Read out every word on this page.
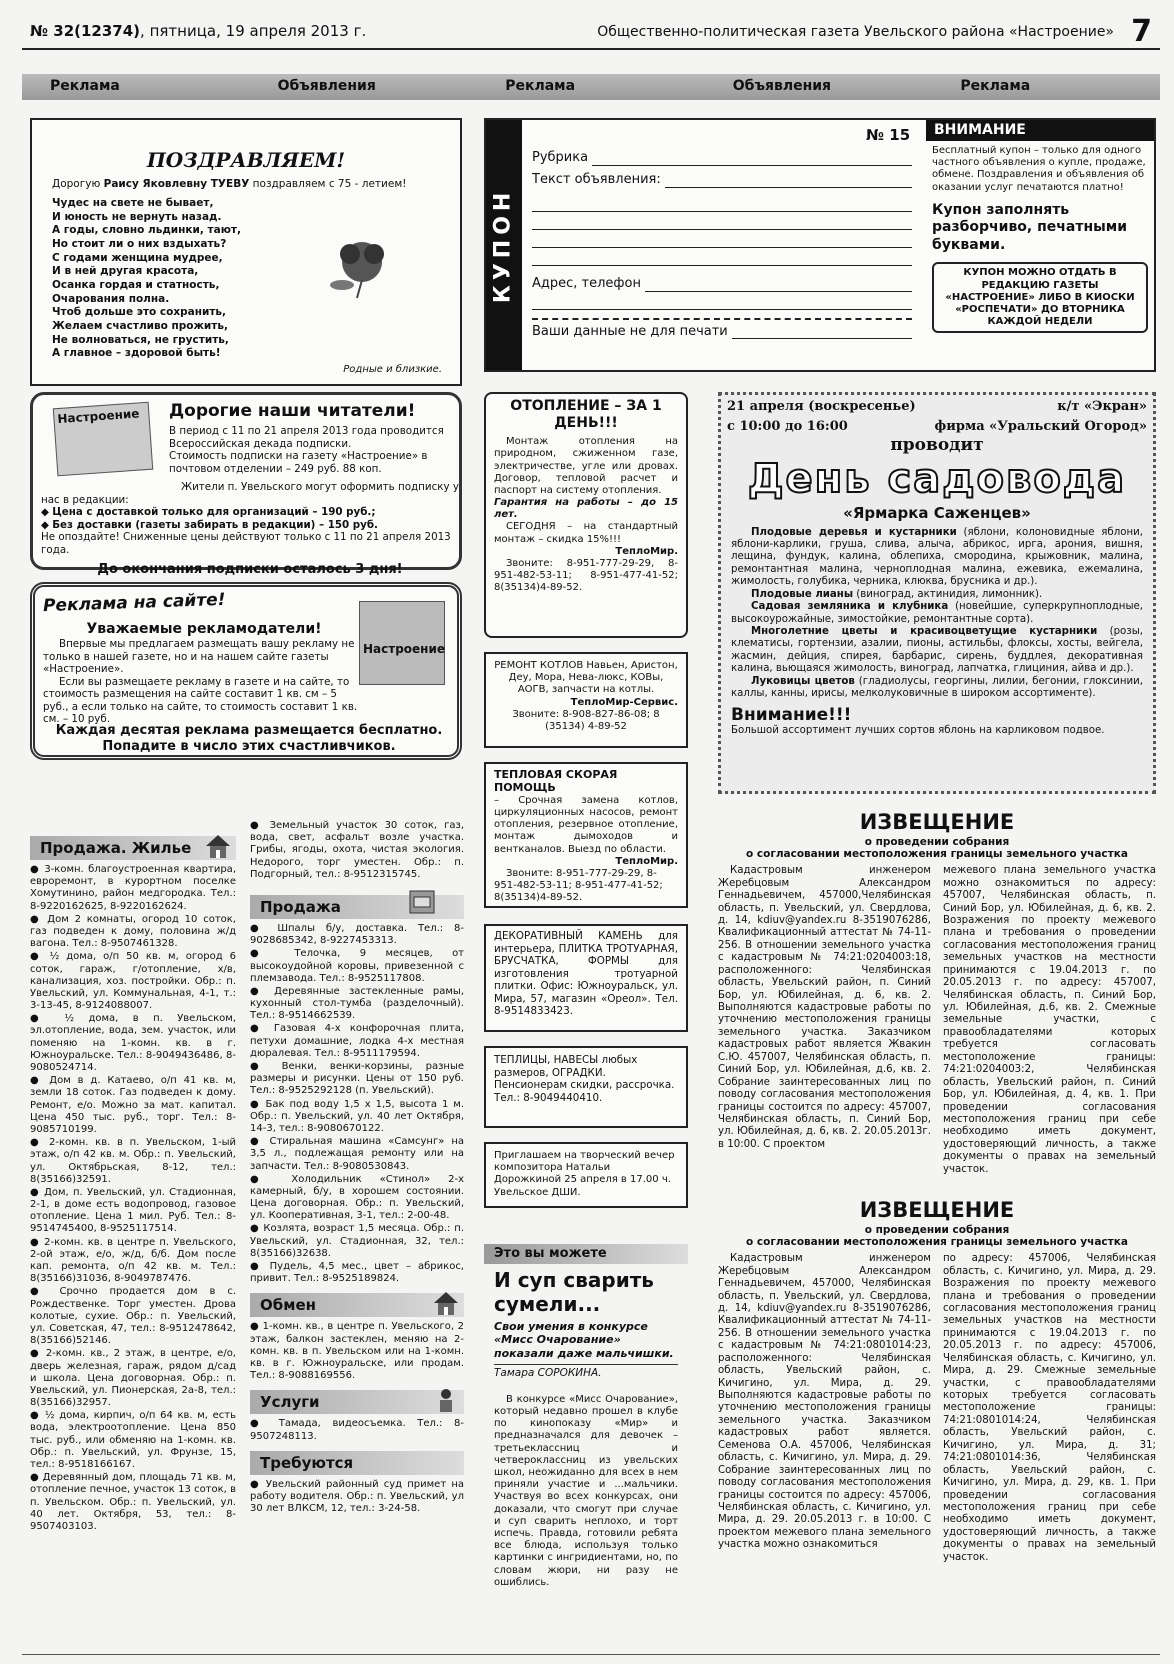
№ 32(12374), пятница, 19 апреля 2013 г.	Общественно-политическая газета Увельского района «Настроение» 7
Реклама	Объявления	Реклама	Объявления	Реклама
ПОЗДРАВЛЯЕМ!
Дорогую Раису Яковлевну ТУЕВУ поздравляем с 75 - летием!
Чудес на свете не бывает,
И юность не вернуть назад.
А годы, словно льдинки, тают,
Но стоит ли о них вздыхать?
С годами женщина мудрее,
И в ней другая красота,
Осанка гордая и статность,
Очарования полна.
Чтоб дольше это сохранить,
Желаем счастливо прожить,
Не волноваться, не грустить,
А главное – здоровой быть!
Родные и близкие.
КУПОН
№ 15
Рубрика
Текст объявления:
Адрес, телефон
Ваши данные не для печати
ВНИМАНИЕ
Бесплатный купон – только для одного частного объявления о купле, продаже, обмене. Поздравления и объявления об оказании услуг печатаются платно!
Купон заполнять разборчиво, печатными буквами.
КУПОН МОЖНО ОТДАТЬ В РЕДАКЦИЮ ГАЗЕТЫ «НАСТРОЕНИЕ» ЛИБО В КИОСКИ «РОСПЕЧАТИ» ДО ВТОРНИКА КАЖДОЙ НЕДЕЛИ
Настроение	Дорогие наши читатели!
В период с 11 по 21 апреля 2013 года проводится Всероссийская декада подписки.
Стоимость подписки на газету «Настроение» в почтовом отделении – 249 руб. 88 коп.
Жители п. Увельского могут оформить подписку у нас в редакции:
◆ Цена с доставкой только для организаций – 190 руб.;
◆ Без доставки (газеты забирать в редакции) – 150 руб.
Не опоздайте! Сниженные цены действуют только с 11 по 21 апреля 2013 года.
До окончания подписки осталось 3 дня!
Реклама на сайте!
Настроение
Уважаемые рекламодатели!
Впервые мы предлагаем размещать вашу рекламу не только в нашей газете, но и на нашем сайте газеты «Настроение».
Если вы размещаете рекламу в газете и на сайте, то стоимость размещения на сайте составит 1 кв. см – 5 руб., а если только на сайте, то стоимость составит 1 кв. см. – 10 руб.
Каждая десятая реклама размещается бесплатно. Попадите в число этих счастливчиков.
ОТОПЛЕНИЕ – ЗА 1 ДЕНЬ!!!
Монтаж отопления на природном, сжиженном газе, электричестве, угле или дровах. Договор, тепловой расчет и паспорт на систему отопления.
Гарантия на работы – до 15 лет.
СЕГОДНЯ – на стандартный монтаж – скидка 15%!!!
ТеплоМир.
Звоните: 8-951-777-29-29, 8-951-482-53-11; 8-951-477-41-52; 8(35134)4-89-52.
РЕМОНТ КОТЛОВ Навьен, Аристон, Деу, Мора, Нева-люкс, КОВы, АОГВ, запчасти на котлы.
ТеплоМир-Сервис.
Звоните: 8-908-827-86-08; 8 (35134) 4-89-52
ТЕПЛОВАЯ СКОРАЯ ПОМОЩЬ
– Срочная замена котлов, циркуляционных насосов, ремонт отопления, резервное отопление, монтаж дымоходов и вентканалов. Выезд по области.
ТеплоМир.
Звоните: 8-951-777-29-29, 8-951-482-53-11; 8-951-477-41-52; 8(35134)4-89-52.
ДЕКОРАТИВНЫЙ КАМЕНЬ для интерьера, ПЛИТКА ТРОТУАРНАЯ, БРУСЧАТКА, ФОРМЫ для изготовления тротуарной плитки. Офис: Южноуральск, ул. Мира, 57, магазин «Ореол». Тел. 8-9514833423.
ТЕПЛИЦЫ, НАВЕСЫ любых размеров, ОГРАДКИ. Пенсионерам скидки, рассрочка. Тел.: 8-9049440410.
Приглашаем на творческий вечер композитора Натальи Дорожкиной 25 апреля в 17.00 ч. Увельское ДШИ.
Это вы можете
И суп сварить сумели...
Свои умения в конкурсе «Мисс Очарование» показали даже мальчишки.
Тамара СОРОКИНА.
В конкурсе «Мисс Очарование», который недавно прошел в клубе по кинопоказу «Мир» и предназначался для девочек – третьеклассниц и четвероклассниц из увельских школ, неожиданно для всех в нем приняли участие и ...мальчики. Участвуя во всех конкурсах, они доказали, что смогут при случае и суп сварить неплохо, и торт испечь. Правда, готовили ребята все блюда, используя только картинки с ингридиентами, но, по словам жюри, ни разу не ошиблись.
21 апреля (воскресенье)	к/т «Экран»
с 10:00 до 16:00	фирма «Уральский Огород»
проводит
День садовода
«Ярмарка Саженцев»
Плодовые деревья и кустарники (яблони, колоновидные яблони, яблони-карлики, груша, слива, алыча, абрикос, ирга, арония, вишня, лещина, фундук, калина, облепиха, смородина, крыжовник, малина, ремонтантная малина, черноплодная малина, ежевика, ежемалина, жимолость, голубика, черника, клюква, брусника и др.).
Плодовые лианы (виноград, актинидия, лимонник).
Садовая земляника и клубника (новейшие, суперкрупноплодные, высокоурожайные, зимостойкие, ремонтантные сорта).
Многолетние цветы и красивоцветущие кустарники (розы, клематисы, гортензии, азалии, пионы, астильбы, флоксы, хосты, вейгела, жасмин, дейция, спирея, барбарис, сирень, буддлея, декоративная калина, вьющаяся жимолость, виноград, лапчатка, глициния, айва и др.).
Луковицы цветов (гладиолусы, георгины, лилии, бегонии, глоксинии, каллы, канны, ирисы, мелколуковичные в широком ассортименте).
Внимание!!!
Большой ассортимент лучших сортов яблонь на карликовом подвое.
ИЗВЕЩЕНИЕ
о проведении собрания
о согласовании местоположения границы земельного участка
Кадастровым инженером Жеребцовым Александром Геннадьевичем, 457000,Челябинская область, п. Увельский, ул. Свердлова, д. 14, kdiuv@yandex.ru 8-3519076286, Квалификационный аттестат № 74-11-256. В отношении земельного участка с кадастровым № 74:21:0204003:18, расположенного: Челябинская область, Увельский район, п. Синий Бор, ул. Юбилейная, д. 6, кв. 2. Выполняются кадастровые работы по уточнению местоположения границы земельного участка. Заказчиком кадастровых работ является Жвакин С.Ю. 457007, Челябинская область, п. Синий Бор, ул. Юбилейная, д.6, кв. 2. Собрание заинтересованных лиц по поводу согласования местоположения границы состоится по адресу: 457007, Челябинская область, п. Синий Бор, ул. Юбилейная, д. 6, кв. 2. 20.05.2013г. в 10:00. С проектом
межевого плана земельного участка можно ознакомиться по адресу: 457007, Челябинская область, п. Синий Бор, ул. Юбилейная, д. 6, кв. 2. Возражения по проекту межевого плана и требования о проведении согласования местоположения границ земельных участков на местности принимаются с 19.04.2013 г. по 20.05.2013 г. по адресу: 457007, Челябинская область, п. Синий Бор, ул. Юбилейная, д.6, кв. 2. Смежные земельные участки, с правообладателями которых требуется согласовать местоположение границы: 74:21:0204003:2, Челябинская область, Увельский район, п. Синий Бор, ул. Юбилейная, д. 4, кв. 1. При проведении согласования местоположения границ при себе необходимо иметь документ, удостоверяющий личность, а также документы о правах на земельный участок.
ИЗВЕЩЕНИЕ
о проведении собрания
о согласовании местоположения границы земельного участка
Кадастровым инженером Жеребцовым Александром Геннадьевичем, 457000, Челябинская область, п. Увельский, ул. Свердлова, д. 14, kdiuv@yandex.ru 8-3519076286, Квалификационный аттестат № 74-11-256. В отношении земельного участка с кадастровым № 74:21:0801014:23, расположенного: Челябинская область, Увельский район, с. Кичигино, ул. Мира, д. 29. Выполняются кадастровые работы по уточнению местоположения границы земельного участка. Заказчиком кадастровых работ является. Семенова О.А. 457006, Челябинская область, с. Кичигино, ул. Мира, д. 29. Собрание заинтересованных лиц по поводу согласования местоположения границы состоится по адресу: 457006, Челябинская область, с. Кичигино, ул. Мира, д. 29. 20.05.2013 г. в 10:00. С проектом межевого плана земельного участка можно ознакомиться
по адресу: 457006, Челябинская область, с. Кичигино, ул. Мира, д. 29. Возражения по проекту межевого плана и требования о проведении согласования местоположения границ земельных участков на местности принимаются с 19.04.2013 г. по 20.05.2013 г. по адресу: 457006, Челябинская область, с. Кичигино, ул. Мира, д. 29. Смежные земельные участки, с правообладателями которых требуется согласовать местоположение границы: 74:21:0801014:24, Челябинская область, Увельский район, с. Кичигино, ул. Мира, д. 31; 74:21:0801014:36, Челябинская область, Увельский район, с. Кичигино, ул. Мира, д. 29, кв. 1. При проведении согласования местоположения границ при себе необходимо иметь документ, удостоверяющий личность, а также документы о правах на земельный участок.
Продажа. Жилье
● 3-комн. благоустроенная квартира, евроремонт, в курортном поселке Хомутинино, район медгородка. Тел.: 8-9220162625, 8-9220162624.
● Дом 2 комнаты, огород 10 соток, газ подведен к дому, половина ж/д вагона. Тел.: 8-9507461328.
● ½ дома, о/п 50 кв. м, огород 6 соток, гараж, г/отопление, х/в, канализация, хоз. постройки. Обр.: п. Увельский, ул. Коммунальная, 4-1, т.: 3-13-45, 8-9124088007.
● ½ дома, в п. Увельском, эл.отопление, вода, зем. участок, или поменяю на 1-комн. кв. в г. Южноуральске. Тел.: 8-9049436486, 8-9080524714.
● Дом в д. Катаево, о/п 41 кв. м, земли 18 соток. Газ подведен к дому. Ремонт, е/о. Можно за мат. капитал. Цена 450 тыс. руб., торг. Тел.: 8-9085710199.
● 2-комн. кв. в п. Увельском, 1-ый этаж, о/п 42 кв. м. Обр.: п. Увельский, ул. Октябрьская, 8-12, тел.: 8(35166)32591.
● Дом, п. Увельский, ул. Стадионная, 2-1, в доме есть водопровод, газовое отопление. Цена 1 мил. Руб. Тел.: 8-9514745400, 8-9525117514.
● 2-комн. кв. в центре п. Увельского, 2-ой этаж, е/о, ж/д, б/б. Дом после кап. ремонта, о/п 42 кв. м. Тел.: 8(35166)31036, 8-9049787476.
● Срочно продается дом в с. Рождественке. Торг уместен. Дрова колотые, сухие. Обр.: п. Увельский, ул. Советская, 47, тел.: 8-9512478642, 8(35166)52146.
● 2-комн. кв., 2 этаж, в центре, е/о, дверь железная, гараж, рядом д/сад и школа. Цена договорная. Обр.: п. Увельский, ул. Пионерская, 2а-8, тел.: 8(35166)32957.
● ½ дома, кирпич, о/п 64 кв. м, есть вода, электроотопление. Цена 850 тыс. руб., или обменяю на 1-комн. кв. Обр.: п. Увельский, ул. Фрунзе, 15, тел.: 8-9518166167.
● Деревянный дом, площадь 71 кв. м, отопление печное, участок 13 соток, в п. Увельском. Обр.: п. Увельский, ул. 40 лет. Октября, 53, тел.: 8-9507403103.
● Земельный участок 30 соток, газ, вода, свет, асфальт возле участка. Грибы, ягоды, охота, чистая экология. Недорого, торг уместен. Обр.: п. Подгорный, тел.: 8-9512315745.
Продажа
● Шпалы б/у, доставка. Тел.: 8-9028685342, 8-9227453313.
● Телочка, 9 месяцев, от высокоудойной коровы, привезенной с племзавода. Тел.: 8-9525117808.
● Деревянные застекленные рамы, кухонный стол-тумба (разделочный). Тел.: 8-9514662539.
● Газовая 4-х конфорочная плита, петухи домашние, лодка 4-х местная дюралевая. Тел.: 8-9511179594.
● Венки, венки-корзины, разные размеры и рисунки. Цены от 150 руб. Тел.: 8-9525292128 (п. Увельский).
● Бак под воду 1,5 х 1,5, высота 1 м. Обр.: п. Увельский, ул. 40 лет Октября, 14-3, тел.: 8-9080670122.
● Стиральная машина «Самсунг» на 3,5 л., подлежащая ремонту или на запчасти. Тел.: 8-9080530843.
● Холодильник «Стинол» 2-х камерный, б/у, в хорошем состоянии. Цена договорная. Обр.: п. Увельский, ул. Кооперативная, 3-1, тел.: 2-00-48.
● Козлята, возраст 1,5 месяца. Обр.: п. Увельский, ул. Стадионная, 32, тел.: 8(35166)32638.
● Пудель, 4,5 мес., цвет – абрикос, привит. Тел.: 8-9525189824.
Обмен
● 1-комн. кв., в центре п. Увельского, 2 этаж, балкон застеклен, меняю на 2-комн. кв. в п. Увельском или на 1-комн. кв. в г. Южноуральске, или продам. Тел.: 8-9088169556.
Услуги
● Тамада, видеосъемка. Тел.: 8-9507248113.
Требуются
● Увельский районный суд примет на работу водителя. Обр.: п. Увельский, ул 30 лет ВЛКСМ, 12, тел.: 3-24-58.
